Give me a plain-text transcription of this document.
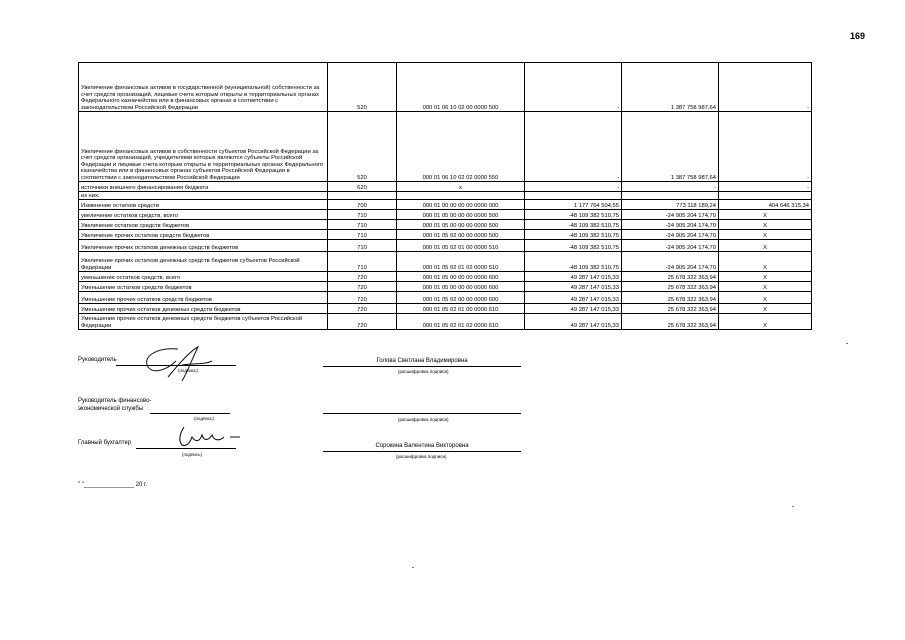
169
Увеличение финансовых активов в государственной (муниципальной) собственности за счет средств организаций, лицевые счета которым открыты в территориальных органах Федерального казначейства или в финансовых органах в соответствии с законодательством Российской Федерации	520	000 01 06 10 02 00 0000 500	-	1 387 758 987,64	-
Увеличение финансовых активов в собственности субъектов Российской Федерации за счет средств организаций, учредителями которых являются субъекты Российской Федерации и лицевые счета которым открыты в территориальных органах Федерального казначейства или в финансовых органах субъектов Российской Федерации в соответствии с законодательством Российской Федерации	520	000 01 06 10 02 02 0000 550	-	1 387 758 987,64	-
источники внешнего финансирования бюджета	620	х	-	-	-
из них:					
Изменение остатков средств	700	000 01 00 00 00 00 0000 000	1 177 764 504,55	773 118 189,24	404 646 315,34
увеличение остатков средств, всего	710	000 01 05 00 00 00 0000 500	-48 109 382 510,75	-24 905 204 174,70	X
Увеличение остатков средств бюджетов	710	000 01 05 00 00 00 0000 500	-48 109 382 510,75	-24 905 204 174,70	X
Увеличение прочих остатков средств бюджетов	710	000 01 05 02 00 00 0000 500	-48 109 382 510,75	-24 905 204 174,70	X
Увеличение прочих остатков денежных средств бюджетов	710	000 01 05 02 01 00 0000 510	-48 109 382 510,75	-24 905 204 174,70	X
Увеличение прочих остатков денежных средств бюджетов субъектов Российской Федерации	710	000 01 05 02 01 02 0000 510	-48 109 382 510,75	-24 905 204 174,70	X
уменьшение остатков средств, всего	720	000 01 05 00 00 00 0000 600	49 287 147 015,33	25 678 322 363,94	X
Уменьшение остатков средств бюджетов	720	000 01 05 00 00 00 0000 600	49 287 147 015,33	25 678 322 363,94	X
Уменьшение прочих остатков средств бюджетов	720	000 01 05 02 00 00 0000 600	49 287 147 015,33	25 678 322 363,94	X
Уменьшение прочих остатков денежных средств бюджетов	720	000 01 05 02 01 00 0000 610	49 287 147 015,33	25 678 322 363,94	X
Уменьшение прочих остатков денежных средств бюджетов субъектов Российской Федерации	720	000 01 05 02 01 02 0000 610	49 287 147 015,33	25 678 322 363,94	X
Руководитель
(подпись)
Голова Светлана Владимировна
(расшифровка подписи)
Руководитель финансово-
экономической службы
(подпись)	(расшифровка подписи)
Главный бухгалтер
(подпись)
Сорокина Валентина Викторовна
(расшифровка подписи)
" "_______________ 20 г.
